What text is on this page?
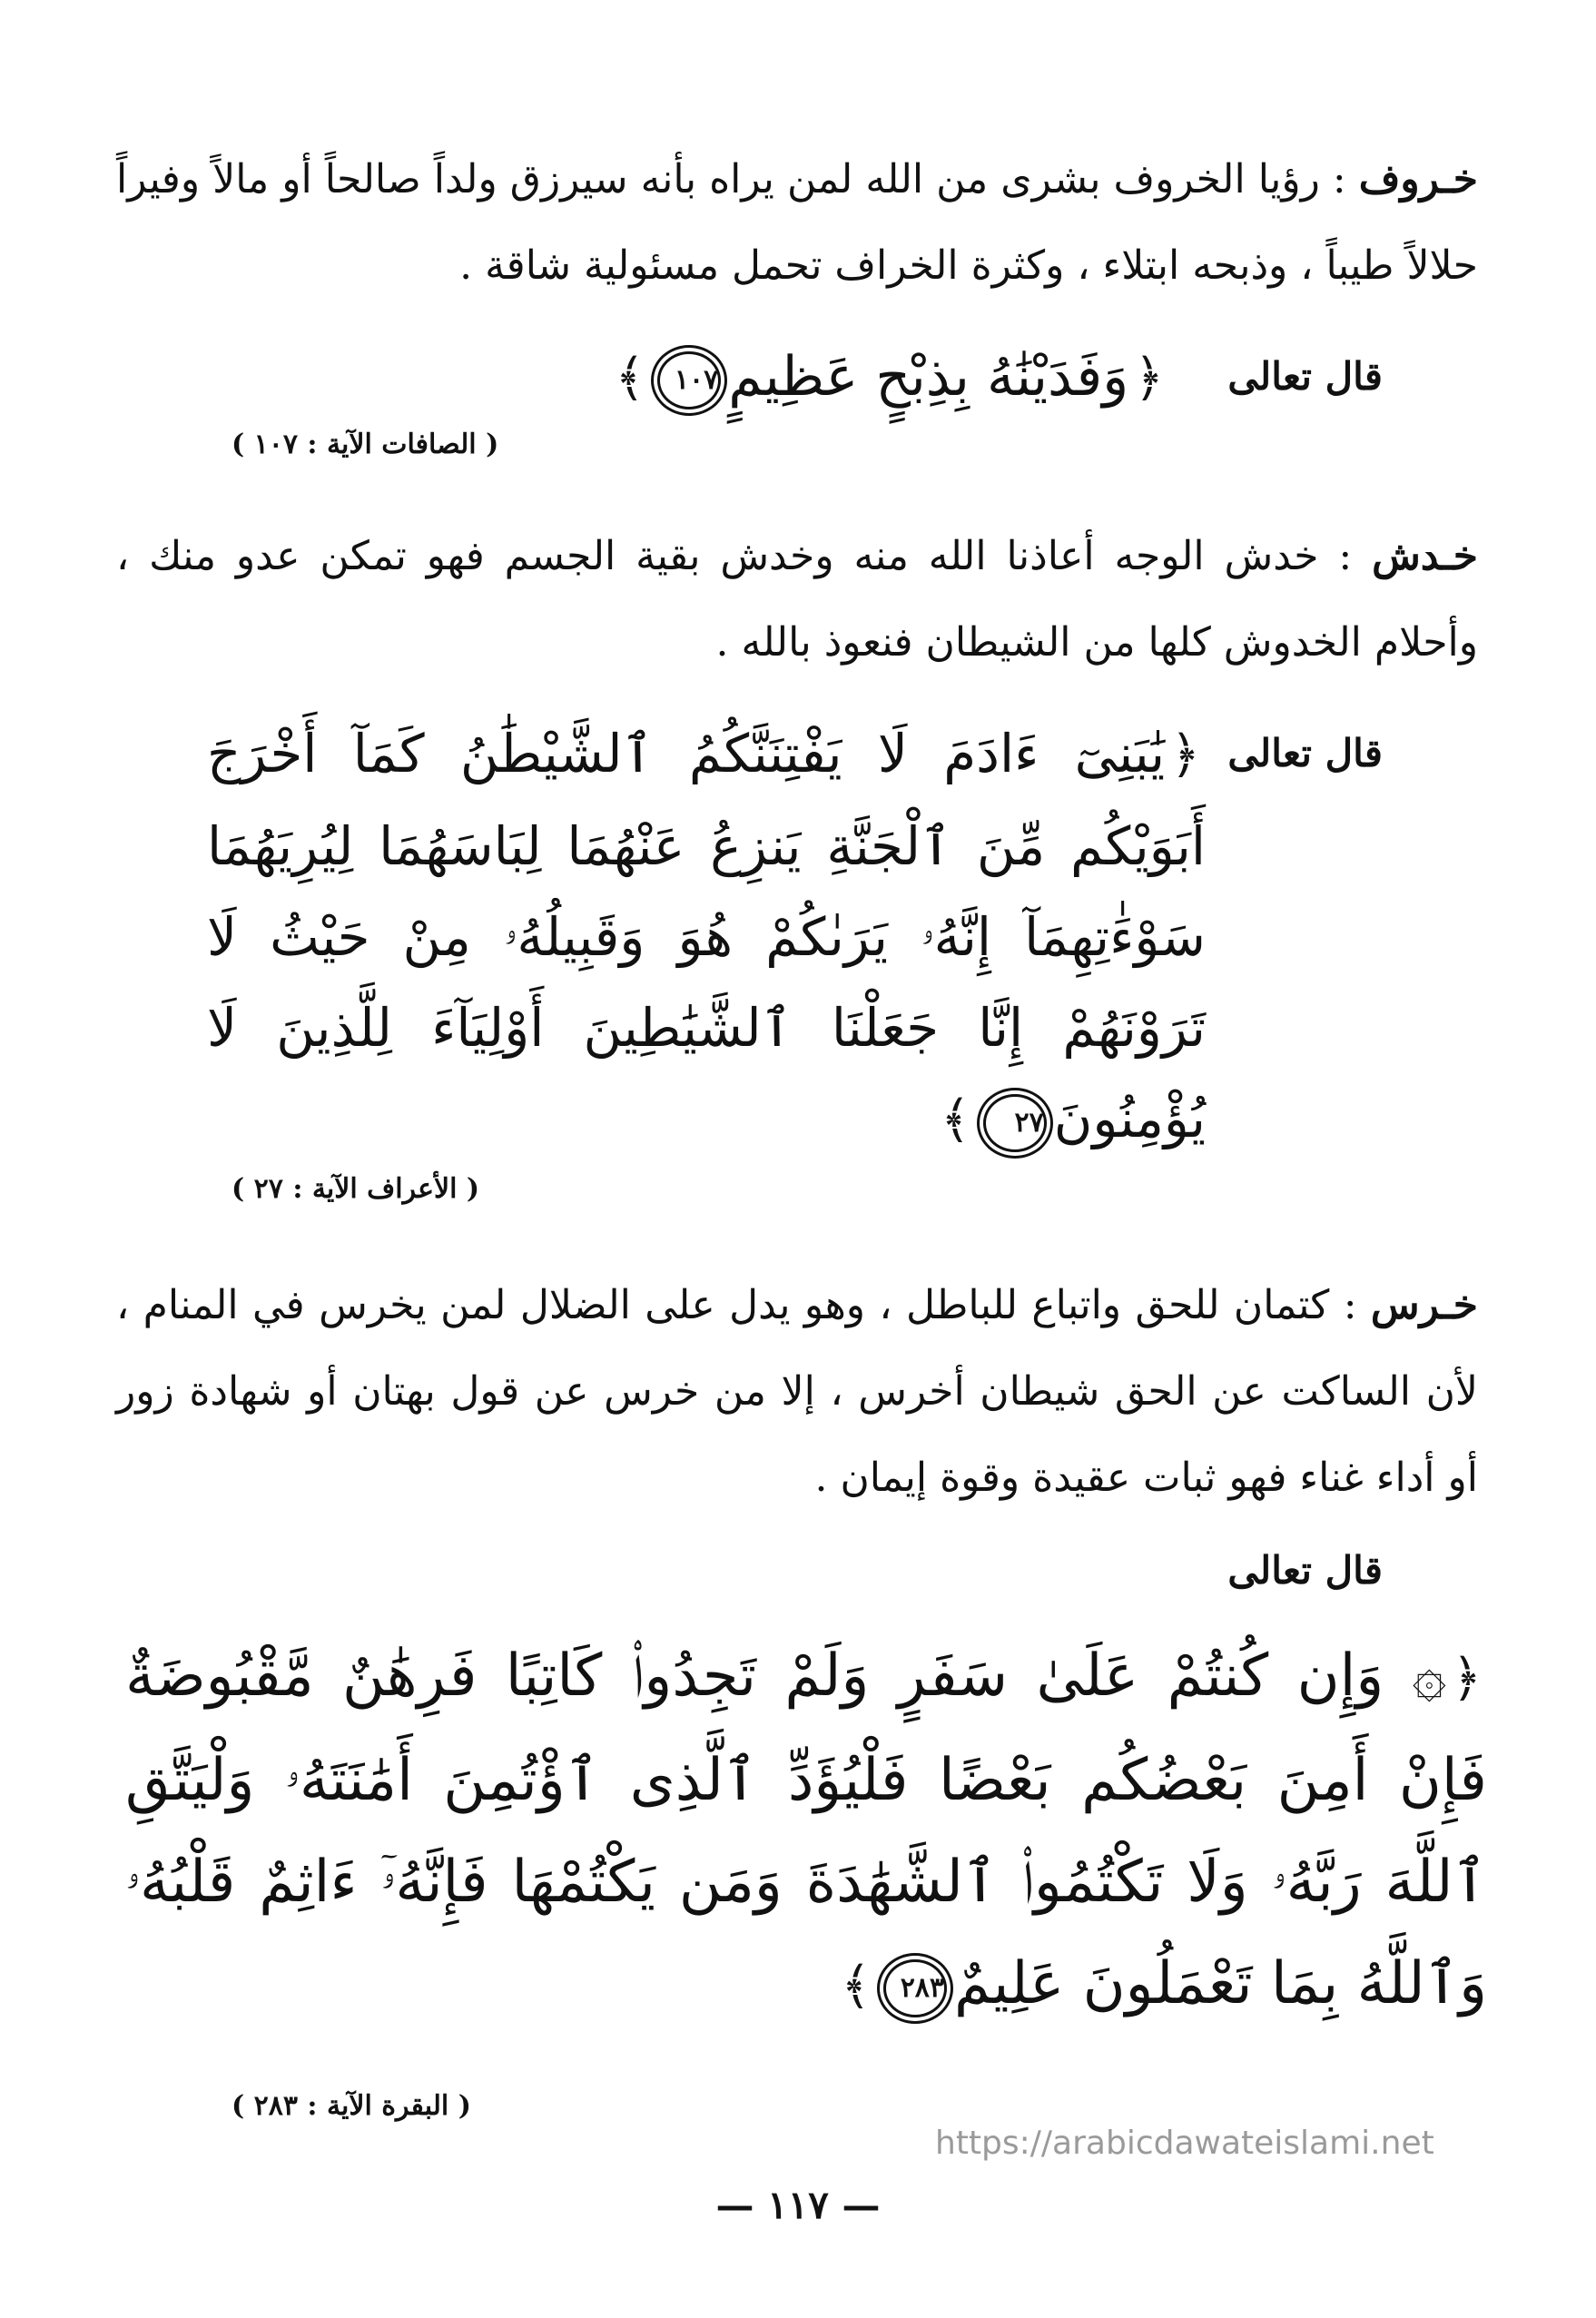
خـروف : رؤيا الخروف بشرى من الله لمن يراه بأنه سيرزق ولداً صالحاً أو مالاً وفيراً حلالاً طيباً ، وذبحه ابتلاء ، وكثرة الخراف تحمل مسئولية شاقة .

قال تعالى
﴿وَفَدَيْنَٰهُ بِذِبْحٍ عَظِيمٍ١٠٧﴾
( الصافات الآية : ١٠٧ )

خـدش : خدش الوجه أعاذنا الله منه وخدش بقية الجسم فهو تمكن عدو منك ، وأحلام الخدوش كلها من الشيطان فنعوذ بالله .

قال تعالى
﴿يَٰبَنِىٓ ءَادَمَ لَا يَفْتِنَنَّكُمُ ٱلشَّيْطَٰنُ كَمَآ أَخْرَجَ أَبَوَيْكُم مِّنَ ٱلْجَنَّةِ يَنزِعُ عَنْهُمَا لِبَاسَهُمَا لِيُرِيَهُمَا سَوْءَٰتِهِمَآ إِنَّهُۥ يَرَىٰكُمْ هُوَ وَقَبِيلُهُۥ مِنْ حَيْثُ لَا تَرَوْنَهُمْ إِنَّا جَعَلْنَا ٱلشَّيَٰطِينَ أَوْلِيَآءَ لِلَّذِينَ لَا يُؤْمِنُونَ٢٧﴾
( الأعراف الآية : ٢٧ )

خـرس : كتمان للحق واتباع للباطل ، وهو يدل على الضلال لمن يخرس في المنام ، لأن الساكت عن الحق شيطان أخرس ، إلا من خرس عن قول بهتان أو شهادة زور أو أداء غناء فهو ثبات عقيدة وقوة إيمان .

قال تعالى
﴿۞ وَإِن كُنتُمْ عَلَىٰ سَفَرٍ وَلَمْ تَجِدُوا۟ كَاتِبًا فَرِهَٰنٌ مَّقْبُوضَةٌ فَإِنْ أَمِنَ بَعْضُكُم بَعْضًا فَلْيُؤَدِّ ٱلَّذِى ٱؤْتُمِنَ أَمَٰنَتَهُۥ وَلْيَتَّقِ ٱللَّهَ رَبَّهُۥ وَلَا تَكْتُمُوا۟ ٱلشَّهَٰدَةَ وَمَن يَكْتُمْهَا فَإِنَّهُۥٓ ءَاثِمٌ قَلْبُهُۥ وَٱللَّهُ بِمَا تَعْمَلُونَ عَلِيمٌ٢٨٣﴾
( البقرة الآية : ٢٨٣ )
https://arabicdawateislami.net
— ١١٧ —
